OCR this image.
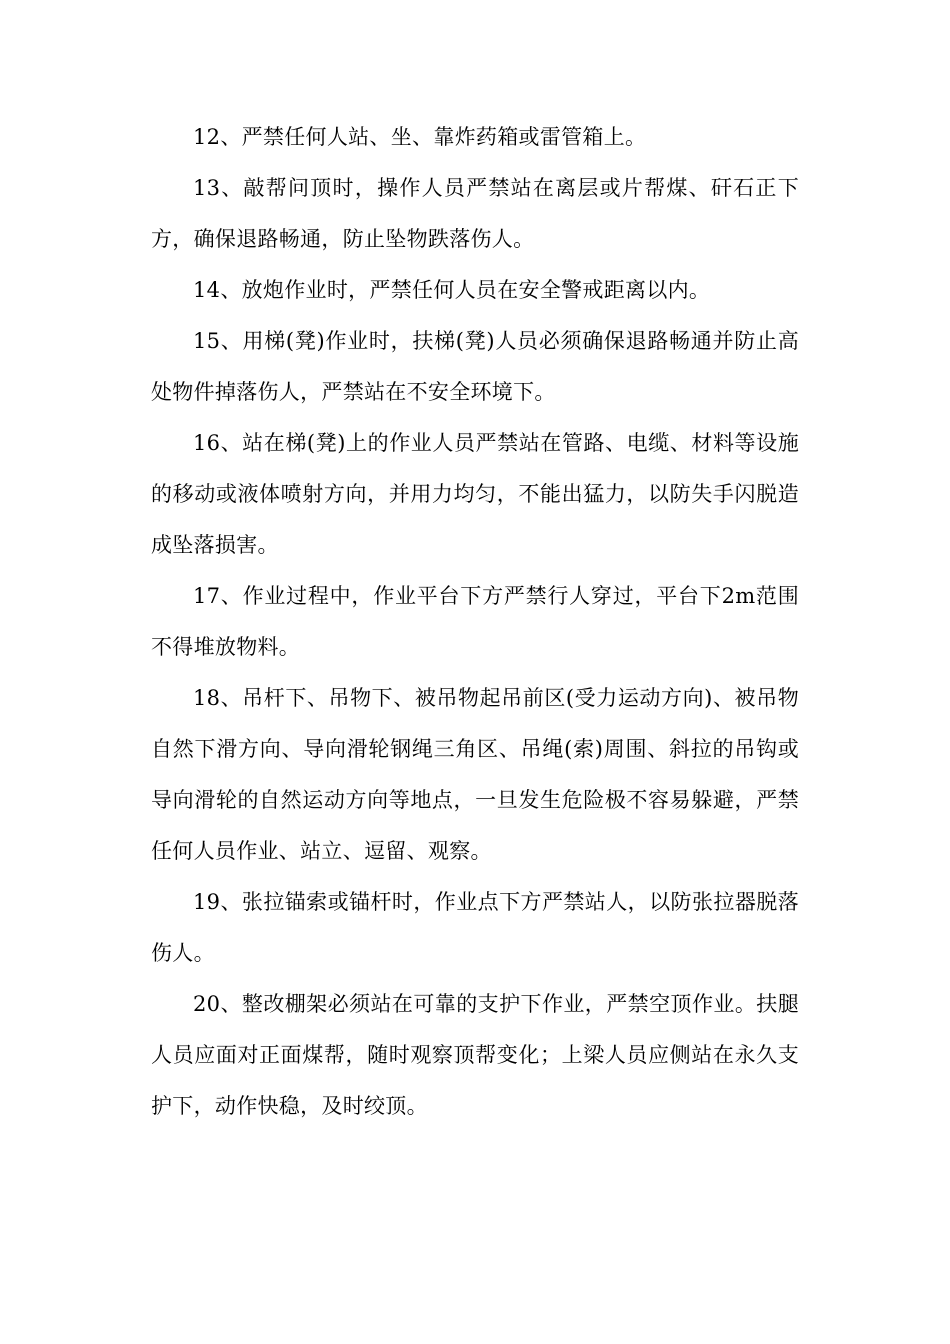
12、严禁任何人站、坐、靠炸药箱或雷管箱上。

13、敲帮问顶时，操作人员严禁站在离层或片帮煤、矸石正下方，确保退路畅通，防止坠物跌落伤人。

14、放炮作业时，严禁任何人员在安全警戒距离以内。

15、用梯(凳)作业时，扶梯(凳)人员必须确保退路畅通并防止高处物件掉落伤人，严禁站在不安全环境下。

16、站在梯(凳)上的作业人员严禁站在管路、电缆、材料等设施的移动或液体喷射方向，并用力均匀，不能出猛力，以防失手闪脱造成坠落损害。

17、作业过程中，作业平台下方严禁行人穿过，平台下2m范围不得堆放物料。

18、吊杆下、吊物下、被吊物起吊前区(受力运动方向)、被吊物自然下滑方向、导向滑轮钢绳三角区、吊绳(索)周围、斜拉的吊钩或导向滑轮的自然运动方向等地点，一旦发生危险极不容易躲避，严禁任何人员作业、站立、逗留、观察。

19、张拉锚索或锚杆时，作业点下方严禁站人，以防张拉器脱落伤人。

20、整改棚架必须站在可靠的支护下作业，严禁空顶作业。扶腿人员应面对正面煤帮，随时观察顶帮变化；上梁人员应侧站在永久支护下，动作快稳，及时绞顶。
